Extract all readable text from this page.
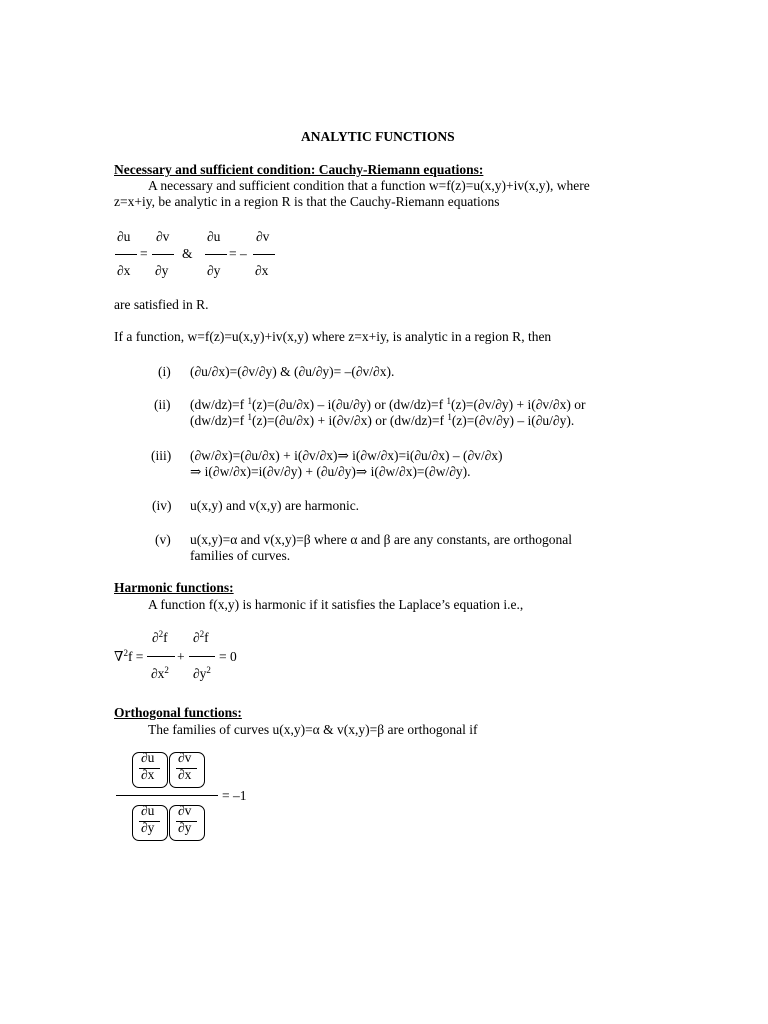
ANALYTIC FUNCTIONS
Necessary and sufficient condition: Cauchy-Riemann equations:
A necessary and sufficient condition that a function w=f(z)=u(x,y)+iv(x,y), where
z=x+iy, be analytic in a region R is that the Cauchy-Riemann equations
∂u
∂x
=
∂v
∂y
&
∂u
∂y
= –
∂v
∂x
are satisfied in R.
If a function, w=f(z)=u(x,y)+iv(x,y) where z=x+iy, is analytic in a region R, then
(i) (∂u/∂x)=(∂v/∂y) & (∂u/∂y)= –(∂v/∂x).
(ii) (dw/dz)=f $^1$(z)=(∂u/∂x) – i(∂u/∂y) or (dw/dz)=f $^1$(z)=(∂v/∂y) + i(∂v/∂x) or
(dw/dz)=f $^1$(z)=(∂u/∂x) + i(∂v/∂x) or (dw/dz)=f $^1$(z)=(∂v/∂y) – i(∂u/∂y).
(iii) (∂w/∂x)=(∂u/∂x) + i(∂v/∂x)⇒ i(∂w/∂x)=i(∂u/∂x) – (∂v/∂x)
⇒ i(∂w/∂x)=i(∂v/∂y) + (∂u/∂y)⇒ i(∂w/∂x)=(∂w/∂y).
(iv) u(x,y) and v(x,y) are harmonic.
(v) u(x,y)=α and v(x,y)=β where α and β are any constants, are orthogonal
families of curves.
Harmonic functions:
A function f(x,y) is harmonic if it satisfies the Laplace’s equation i.e.,
∇$^2$f =
∂$^2$f
$\partial x^2$
+
∂$^2$f
$\partial y^2$
= 0
Orthogonal functions:
The families of curves u(x,y)=α & v(x,y)=β are orthogonal if
∂u
∂x
∂v
∂x
= –1
∂u
∂y
∂v
∂y
